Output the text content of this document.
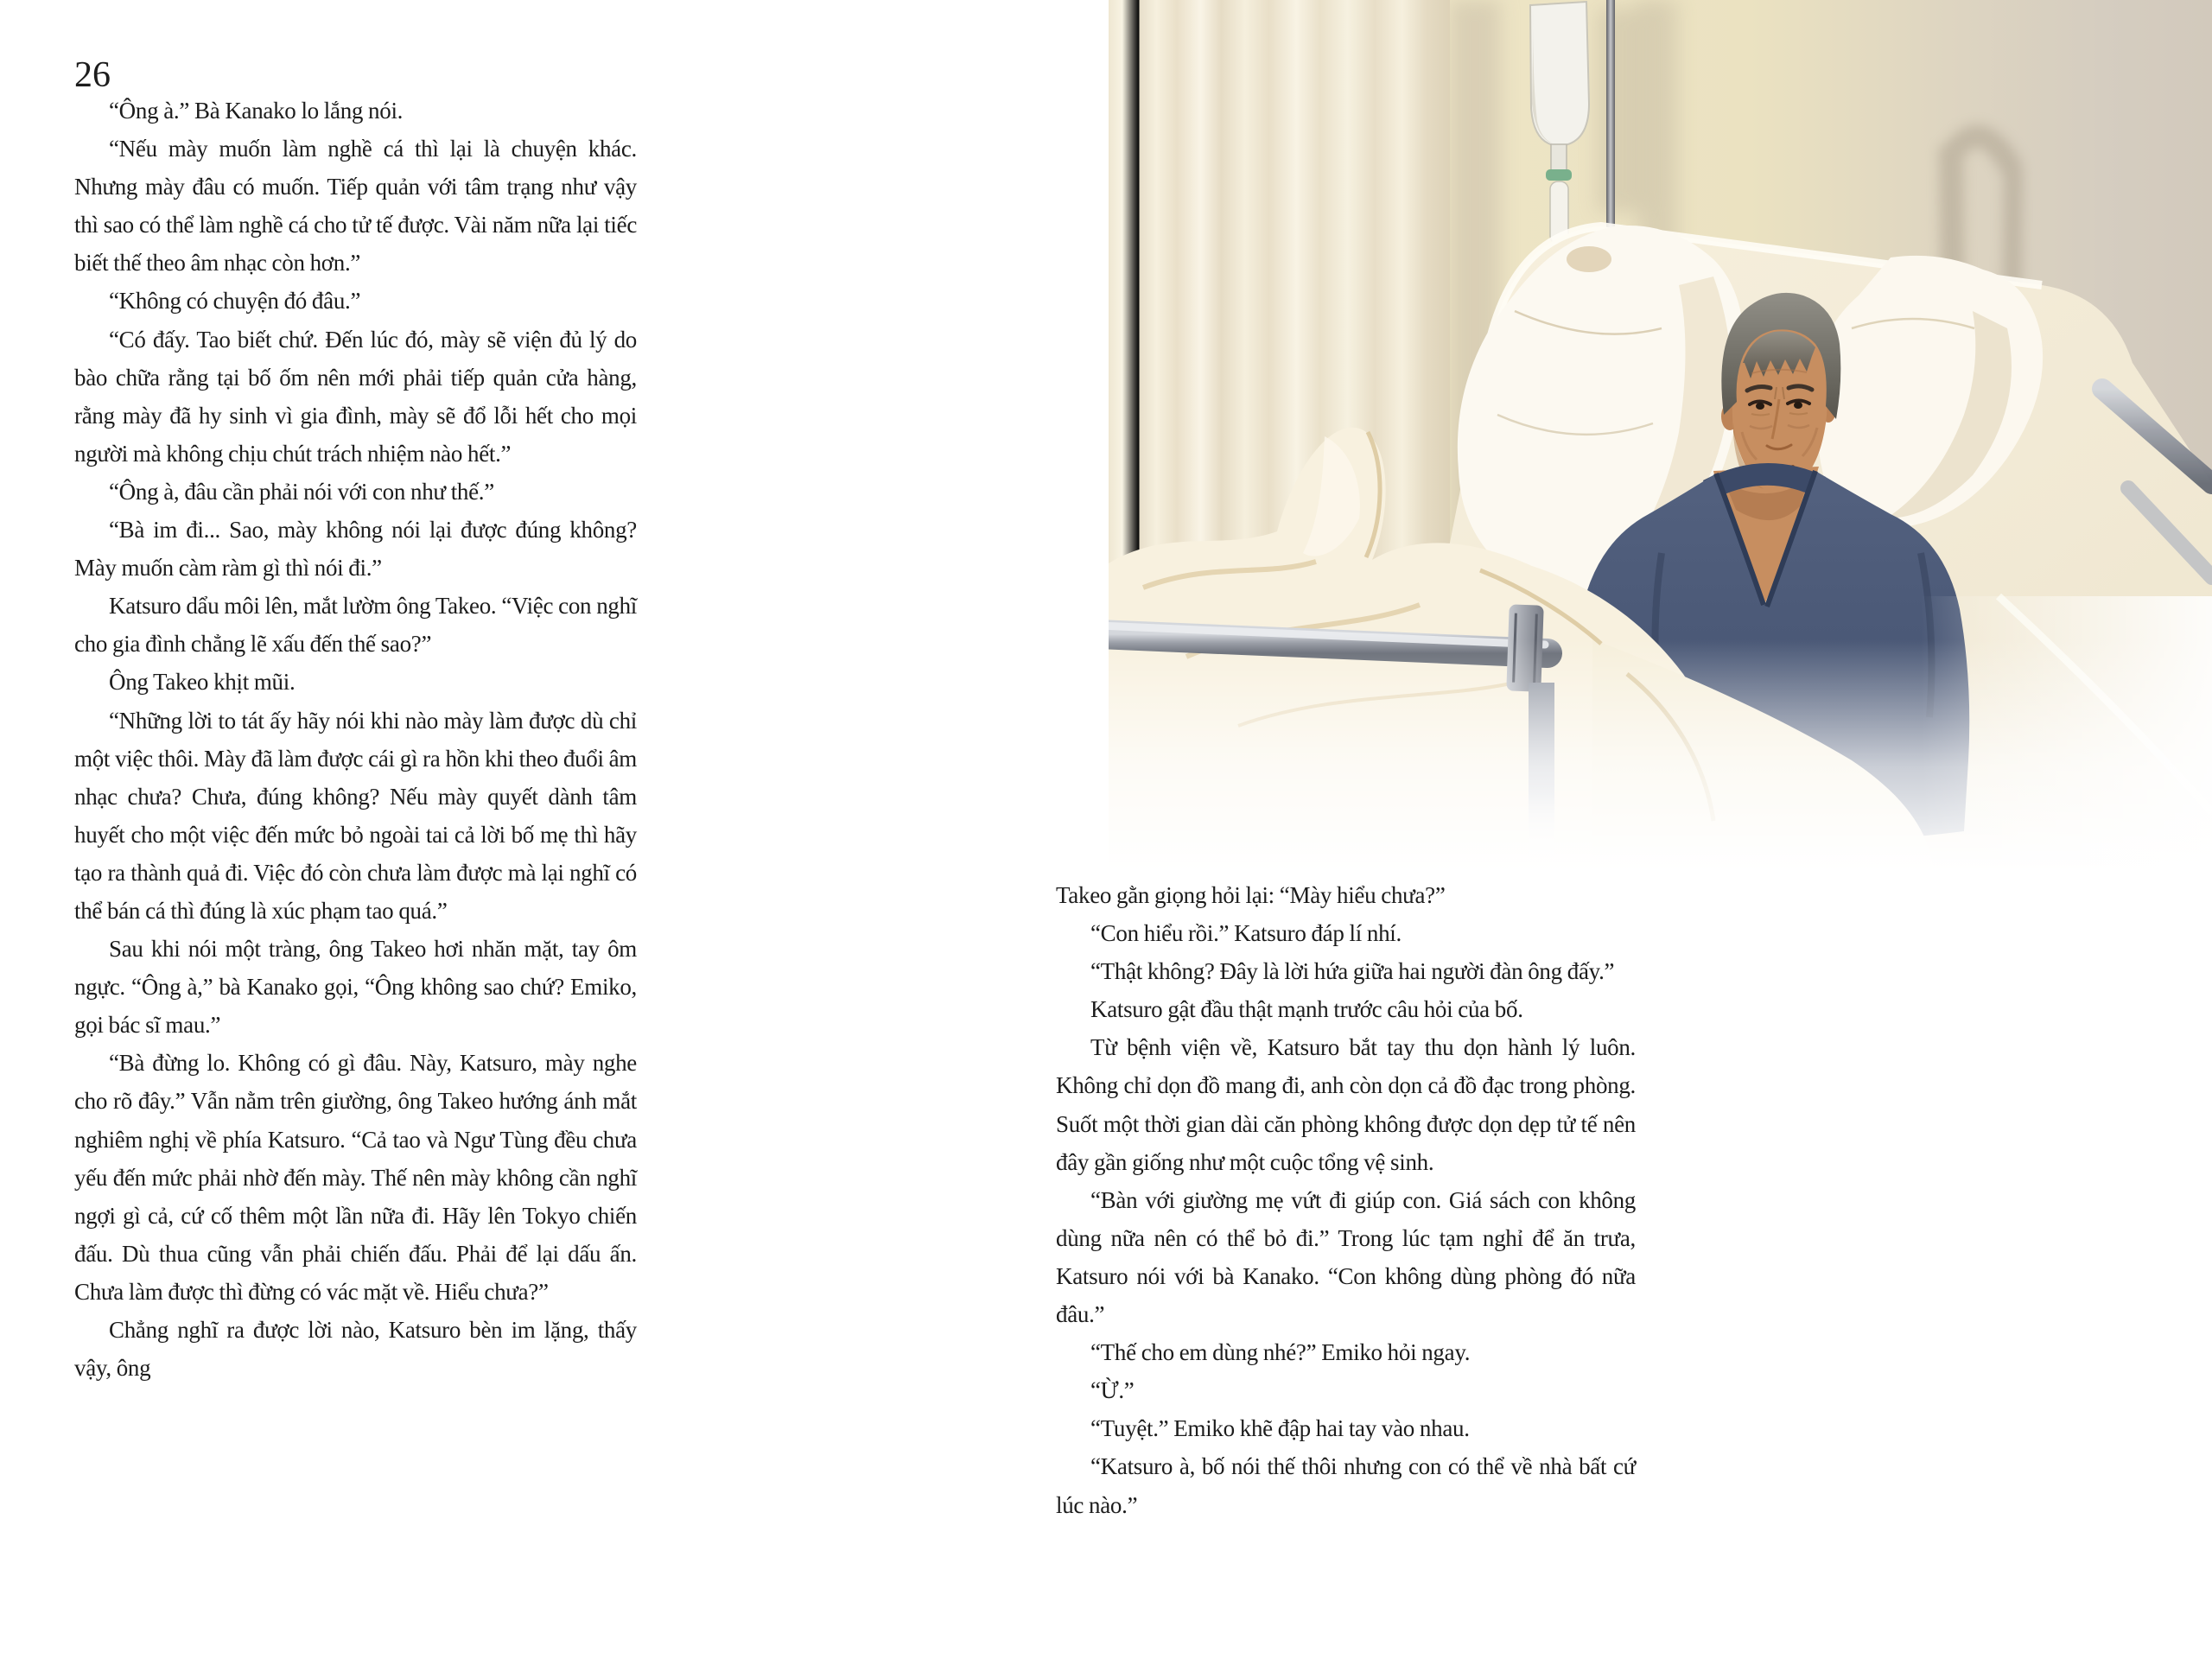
26

“Ông à.” Bà Kanako lo lắng nói.

“Nếu mày muốn làm nghề cá thì lại là chuyện khác. Nhưng mày đâu có muốn. Tiếp quản với tâm trạng như vậy thì sao có thể làm nghề cá cho tử tế được. Vài năm nữa lại tiếc biết thế theo âm nhạc còn hơn.”

“Không có chuyện đó đâu.”

“Có đấy. Tao biết chứ. Đến lúc đó, mày sẽ viện đủ lý do bào chữa rằng tại bố ốm nên mới phải tiếp quản cửa hàng, rằng mày đã hy sinh vì gia đình, mày sẽ đổ lỗi hết cho mọi người mà không chịu chút trách nhiệm nào hết.”

“Ông à, đâu cần phải nói với con như thế.”

“Bà im đi... Sao, mày không nói lại được đúng không? Mày muốn càm ràm gì thì nói đi.”

Katsuro dẩu môi lên, mắt lườm ông Takeo. “Việc con nghĩ cho gia đình chẳng lẽ xấu đến thế sao?”

Ông Takeo khịt mũi.

“Những lời to tát ấy hãy nói khi nào mày làm được dù chỉ một việc thôi. Mày đã làm được cái gì ra hồn khi theo đuổi âm nhạc chưa? Chưa, đúng không? Nếu mày quyết dành tâm huyết cho một việc đến mức bỏ ngoài tai cả lời bố mẹ thì hãy tạo ra thành quả đi. Việc đó còn chưa làm được mà lại nghĩ có thể bán cá thì đúng là xúc phạm tao quá.”

Sau khi nói một tràng, ông Takeo hơi nhăn mặt, tay ôm ngực. “Ông à,” bà Kanako gọi, “Ông không sao chứ? Emiko, gọi bác sĩ mau.”

“Bà đừng lo. Không có gì đâu. Này, Katsuro, mày nghe cho rõ đây.” Vẫn nằm trên giường, ông Takeo hướng ánh mắt nghiêm nghị về phía Katsuro. “Cả tao và Ngư Tùng đều chưa yếu đến mức phải nhờ đến mày. Thế nên mày không cần nghĩ ngợi gì cả, cứ cố thêm một lần nữa đi. Hãy lên Tokyo chiến đấu. Dù thua cũng vẫn phải chiến đấu. Phải để lại dấu ấn. Chưa làm được thì đừng có vác mặt về. Hiểu chưa?”

Chẳng nghĩ ra được lời nào, Katsuro bèn im lặng, thấy vậy, ông

Takeo gằn giọng hỏi lại: “Mày hiểu chưa?”

“Con hiểu rồi.” Katsuro đáp lí nhí.

“Thật không? Đây là lời hứa giữa hai người đàn ông đấy.”

Katsuro gật đầu thật mạnh trước câu hỏi của bố.

Từ bệnh viện về, Katsuro bắt tay thu dọn hành lý luôn. Không chỉ dọn đồ mang đi, anh còn dọn cả đồ đạc trong phòng. Suốt một thời gian dài căn phòng không được dọn dẹp tử tế nên đây gần giống như một cuộc tổng vệ sinh.

“Bàn với giường mẹ vứt đi giúp con. Giá sách con không dùng nữa nên có thể bỏ đi.” Trong lúc tạm nghỉ để ăn trưa, Katsuro nói với bà Kanako. “Con không dùng phòng đó nữa đâu.”

“Thế cho em dùng nhé?” Emiko hỏi ngay.

“Ừ.”

“Tuyệt.” Emiko khẽ đập hai tay vào nhau.

“Katsuro à, bố nói thế thôi nhưng con có thể về nhà bất cứ lúc nào.”
